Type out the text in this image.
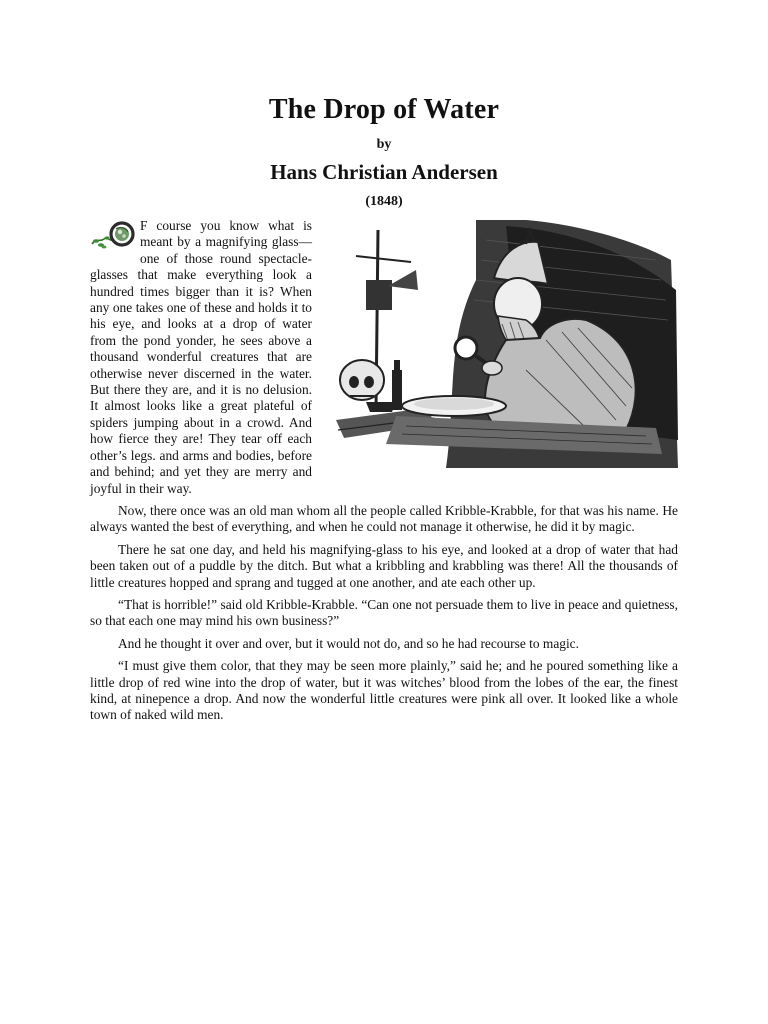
The Drop of Water
by
Hans Christian Andersen
(1848)

F course you know what is meant by a magnifying glass—one of those round spectacle-glasses that make everything look a hundred times bigger than it is? When any one takes one of these and holds it to his eye, and looks at a drop of water from the pond yonder, he sees above a thousand wonderful creatures that are otherwise never discerned in the water. But there they are, and it is no delusion. It almost looks like a great plateful of spiders jumping about in a crowd. And how fierce they are! They tear off each other’s legs. and arms and bodies, before and behind; and yet they are merry and joyful in their way.

Now, there once was an old man whom all the people called Kribble-Krabble, for that was his name. He always wanted the best of everything, and when he could not manage it otherwise, he did it by magic.

There he sat one day, and held his magnifying-glass to his eye, and looked at a drop of water that had been taken out of a puddle by the ditch. But what a kribbling and krabbling was there! All the thousands of little creatures hopped and sprang and tugged at one another, and ate each other up.

“That is horrible!” said old Kribble-Krabble. “Can one not persuade them to live in peace and quietness, so that each one may mind his own business?”

And he thought it over and over, but it would not do, and so he had recourse to magic.

“I must give them color, that they may be seen more plainly,” said he; and he poured something like a little drop of red wine into the drop of water, but it was witches’ blood from the lobes of the ear, the finest kind, at ninepence a drop. And now the wonderful little creatures were pink all over. It looked like a whole town of naked wild men.
